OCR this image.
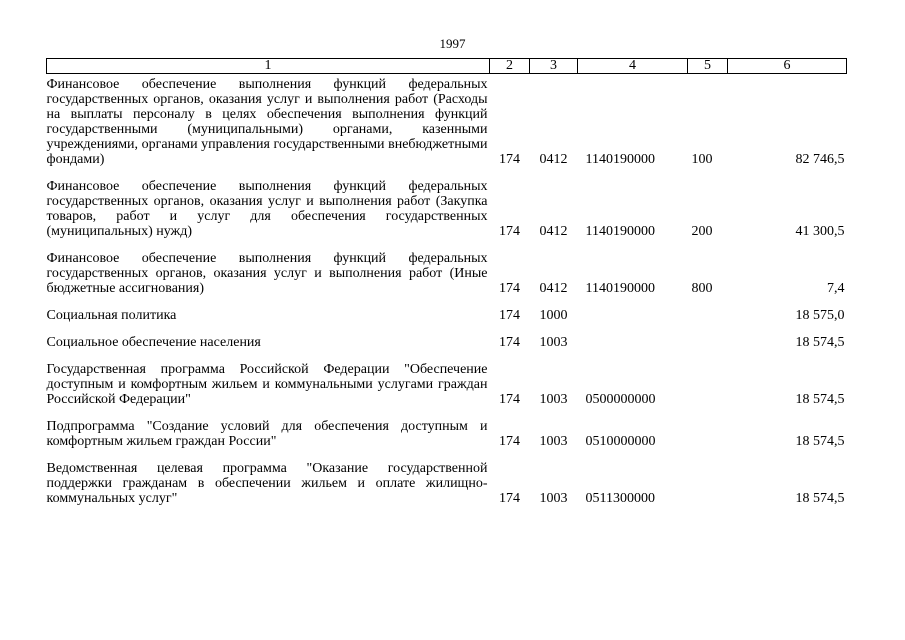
1997
1	2	3	4	5	6
Финансовое обеспечение выполнения функций федеральных государственных органов, оказания услуг и выполнения работ (Расходы на выплаты персоналу в целях обеспечения выполнения функций государственными (муниципальными) органами, казенными учреждениями, органами управления государственными внебюджетными фондами)	174	0412	1140190000	100	82 746,5
Финансовое обеспечение выполнения функций федеральных государственных органов, оказания услуг и выполнения работ (Закупка товаров, работ и услуг для обеспечения государственных (муниципальных) нужд)	174	0412	1140190000	200	41 300,5
Финансовое обеспечение выполнения функций федеральных государственных органов, оказания услуг и выполнения работ (Иные бюджетные ассигнования)	174	0412	1140190000	800	7,4
Социальная политика	174	1000			18 575,0
Социальное обеспечение населения	174	1003			18 574,5
Государственная программа Российской Федерации "Обеспечение доступным и комфортным жильем и коммунальными услугами граждан Российской Федерации"	174	1003	0500000000		18 574,5
Подпрограмма "Создание условий для обеспечения доступным и комфортным жильем граждан России"	174	1003	0510000000		18 574,5
Ведомственная целевая программа "Оказание государственной поддержки гражданам в обеспечении жильем и оплате жилищно-коммунальных услуг"	174	1003	0511300000		18 574,5
